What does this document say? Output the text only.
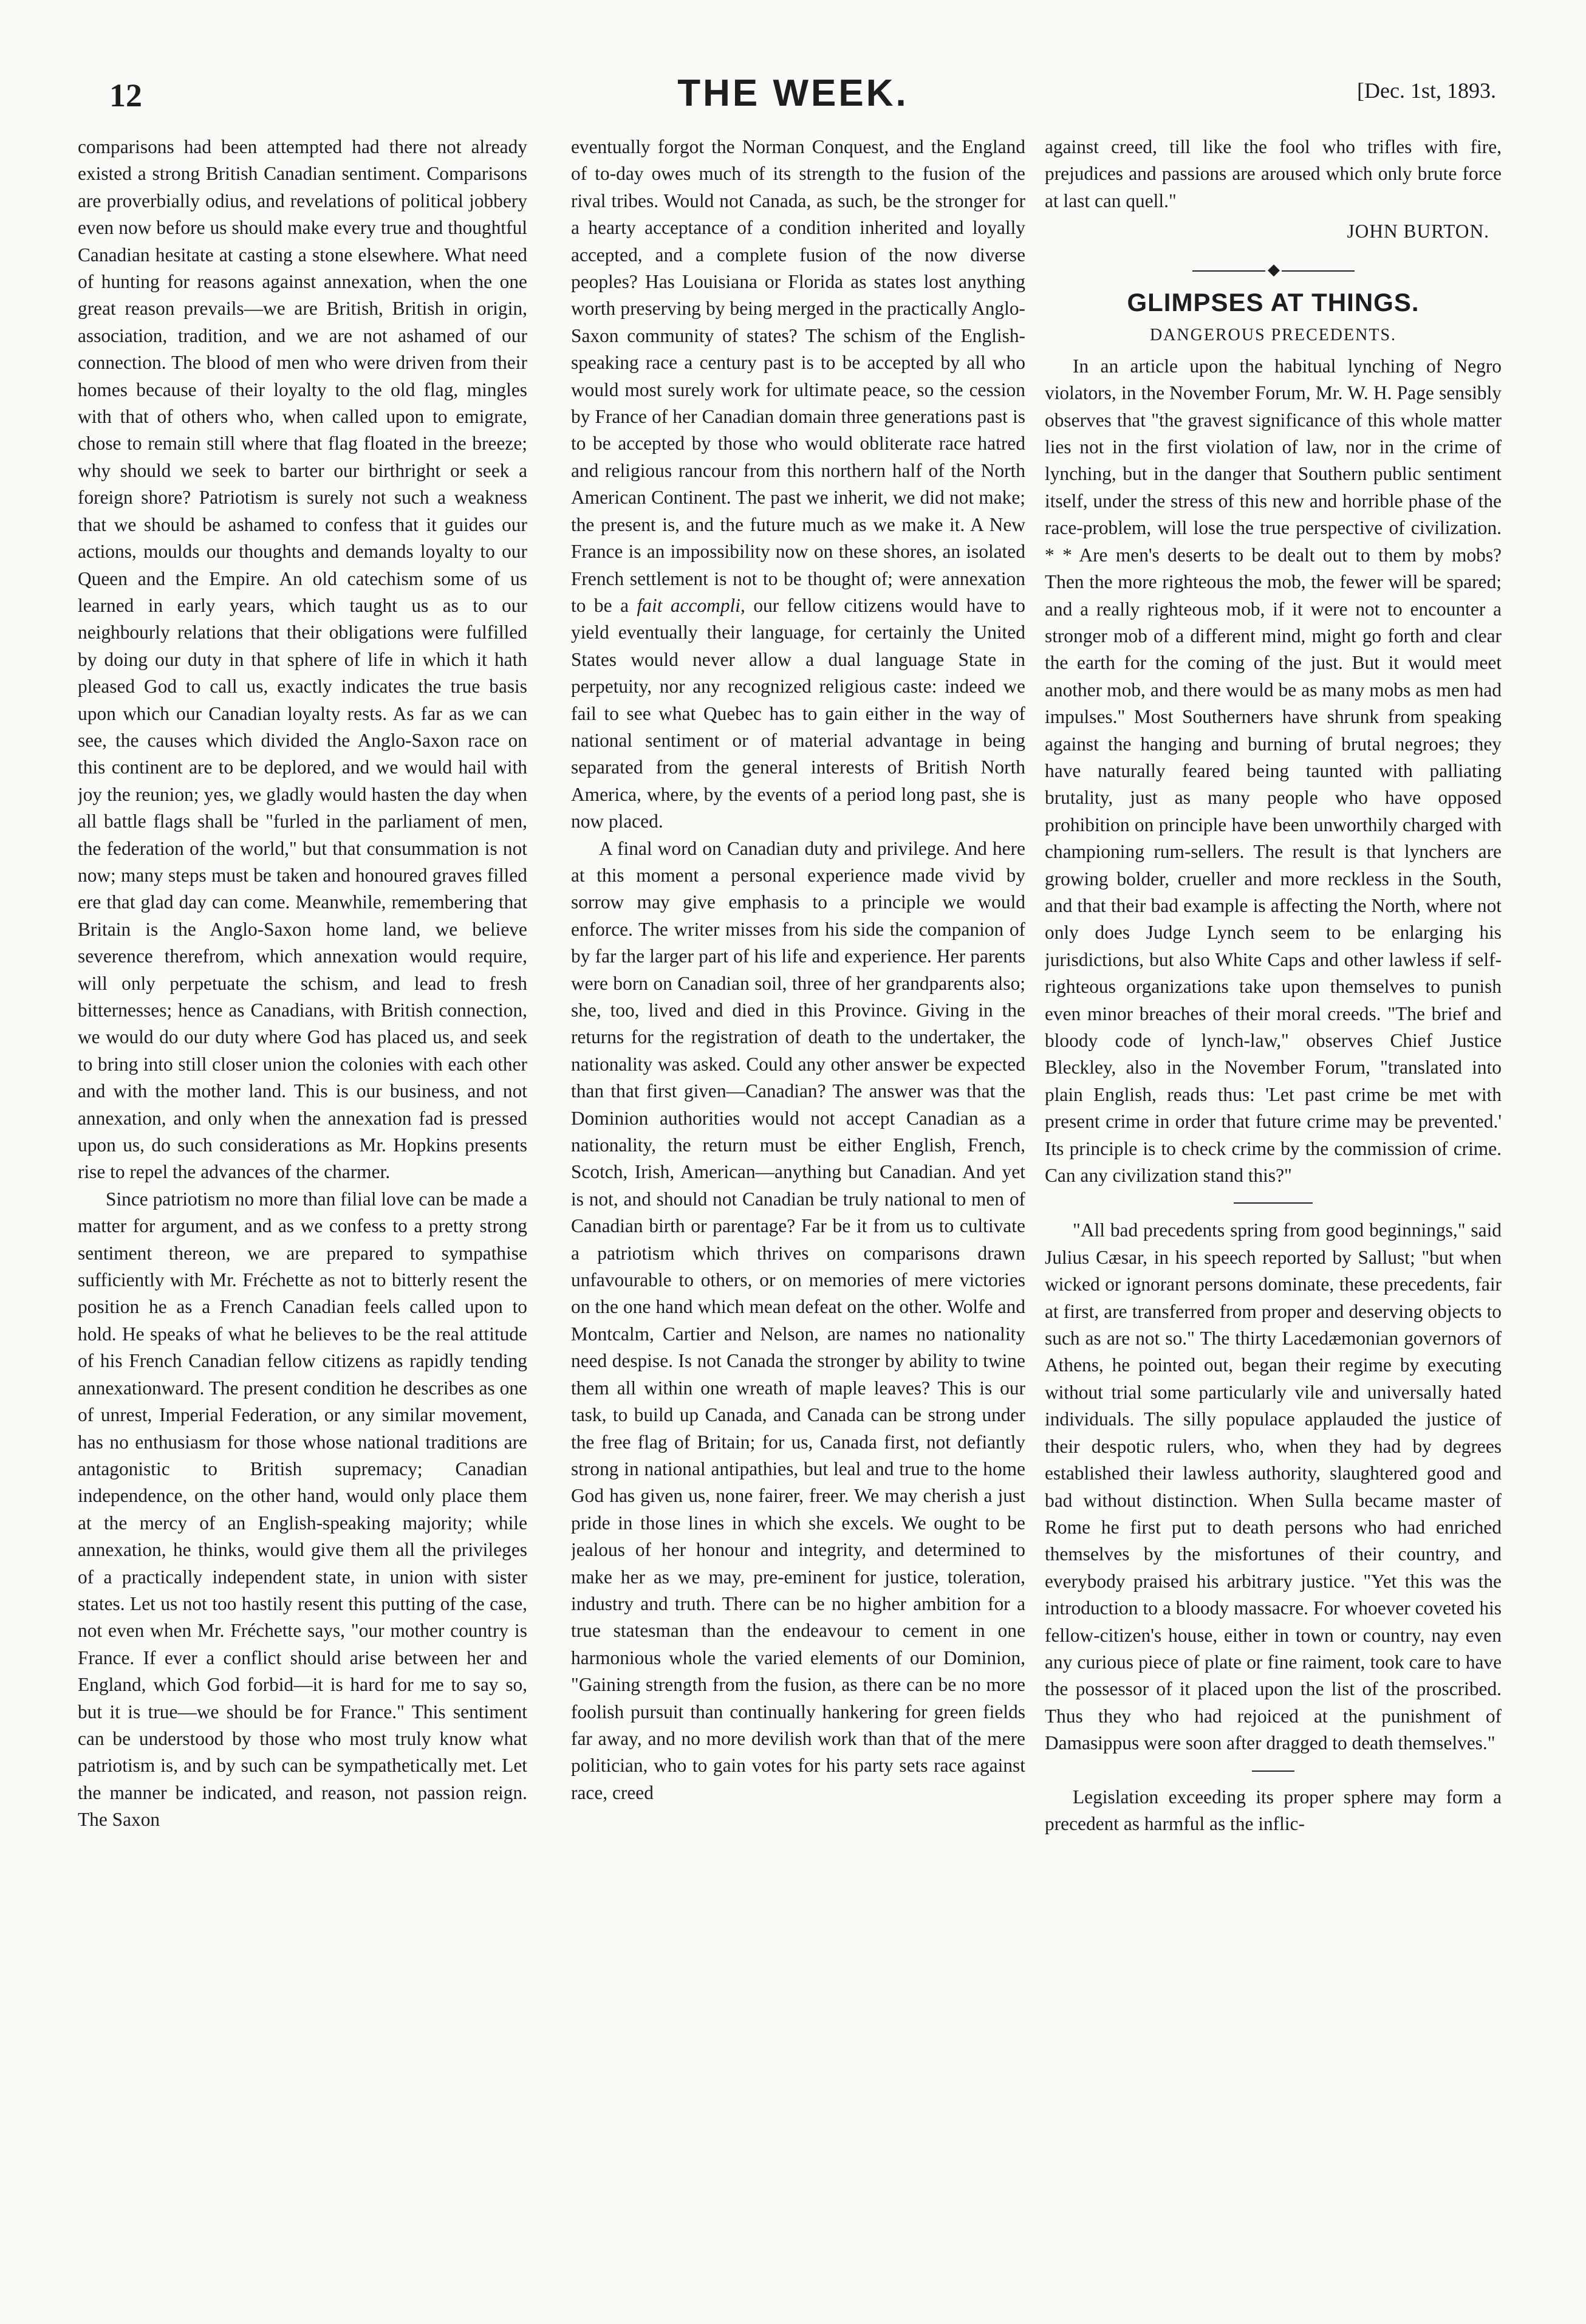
12	THE WEEK.	[Dec. 1st, 1893.

comparisons had been attempted had there not already existed a strong British Canadian sentiment. Comparisons are proverbially odius, and revelations of political jobbery even now before us should make every true and thoughtful Canadian hesitate at casting a stone elsewhere. What need of hunting for reasons against annexation, when the one great reason prevails—we are British, British in origin, association, tradition, and we are not ashamed of our connection. The blood of men who were driven from their homes because of their loyalty to the old flag, mingles with that of others who, when called upon to emigrate, chose to remain still where that flag floated in the breeze; why should we seek to barter our birthright or seek a foreign shore? Patriotism is surely not such a weakness that we should be ashamed to confess that it guides our actions, moulds our thoughts and demands loyalty to our Queen and the Empire. An old catechism some of us learned in early years, which taught us as to our neighbourly relations that their obligations were fulfilled by doing our duty in that sphere of life in which it hath pleased God to call us, exactly indicates the true basis upon which our Canadian loyalty rests. As far as we can see, the causes which divided the Anglo-Saxon race on this continent are to be deplored, and we would hail with joy the reunion; yes, we gladly would hasten the day when all battle flags shall be "furled in the parliament of men, the federation of the world," but that consummation is not now; many steps must be taken and honoured graves filled ere that glad day can come. Meanwhile, remembering that Britain is the Anglo-Saxon home land, we believe severence therefrom, which annexation would require, will only perpetuate the schism, and lead to fresh bitternesses; hence as Canadians, with British connection, we would do our duty where God has placed us, and seek to bring into still closer union the colonies with each other and with the mother land. This is our business, and not annexation, and only when the annexation fad is pressed upon us, do such considerations as Mr. Hopkins presents rise to repel the advances of the charmer.

Since patriotism no more than filial love can be made a matter for argument, and as we confess to a pretty strong sentiment thereon, we are prepared to sympathise sufficiently with Mr. Fréchette as not to bitterly resent the position he as a French Canadian feels called upon to hold. He speaks of what he believes to be the real attitude of his French Canadian fellow citizens as rapidly tending annexationward. The present condition he describes as one of unrest, Imperial Federation, or any similar movement, has no enthusiasm for those whose national traditions are antagonistic to British supremacy; Canadian independence, on the other hand, would only place them at the mercy of an English-speaking majority; while annexation, he thinks, would give them all the privileges of a practically independent state, in union with sister states. Let us not too hastily resent this putting of the case, not even when Mr. Fréchette says, "our mother country is France. If ever a conflict should arise between her and England, which God forbid—it is hard for me to say so, but it is true—we should be for France." This sentiment can be understood by those who most truly know what patriotism is, and by such can be sympathetically met. Let the manner be indicated, and reason, not passion reign. The Saxon

eventually forgot the Norman Conquest, and the England of to-day owes much of its strength to the fusion of the rival tribes. Would not Canada, as such, be the stronger for a hearty acceptance of a condition inherited and loyally accepted, and a complete fusion of the now diverse peoples? Has Louisiana or Florida as states lost anything worth preserving by being merged in the practically Anglo-Saxon community of states? The schism of the English-speaking race a century past is to be accepted by all who would most surely work for ultimate peace, so the cession by France of her Canadian domain three generations past is to be accepted by those who would obliterate race hatred and religious rancour from this northern half of the North American Continent. The past we inherit, we did not make; the present is, and the future much as we make it. A New France is an impossibility now on these shores, an isolated French settlement is not to be thought of; were annexation to be a fait accompli, our fellow citizens would have to yield eventually their language, for certainly the United States would never allow a dual language State in perpetuity, nor any recognized religious caste: indeed we fail to see what Quebec has to gain either in the way of national sentiment or of material advantage in being separated from the general interests of British North America, where, by the events of a period long past, she is now placed.

A final word on Canadian duty and privilege. And here at this moment a personal experience made vivid by sorrow may give emphasis to a principle we would enforce. The writer misses from his side the companion of by far the larger part of his life and experience. Her parents were born on Canadian soil, three of her grandparents also; she, too, lived and died in this Province. Giving in the returns for the registration of death to the undertaker, the nationality was asked. Could any other answer be expected than that first given—Canadian? The answer was that the Dominion authorities would not accept Canadian as a nationality, the return must be either English, French, Scotch, Irish, American—anything but Canadian. And yet is not, and should not Canadian be truly national to men of Canadian birth or parentage? Far be it from us to cultivate a patriotism which thrives on comparisons drawn unfavourable to others, or on memories of mere victories on the one hand which mean defeat on the other. Wolfe and Montcalm, Cartier and Nelson, are names no nationality need despise. Is not Canada the stronger by ability to twine them all within one wreath of maple leaves? This is our task, to build up Canada, and Canada can be strong under the free flag of Britain; for us, Canada first, not defiantly strong in national antipathies, but leal and true to the home God has given us, none fairer, freer. We may cherish a just pride in those lines in which she excels. We ought to be jealous of her honour and integrity, and determined to make her as we may, pre-eminent for justice, toleration, industry and truth. There can be no higher ambition for a true statesman than the endeavour to cement in one harmonious whole the varied elements of our Dominion, "Gaining strength from the fusion, as there can be no more foolish pursuit than continually hankering for green fields far away, and no more devilish work than that of the mere politician, who to gain votes for his party sets race against race, creed

against creed, till like the fool who trifles with fire, prejudices and passions are aroused which only brute force at last can quell."

JOHN BURTON.

◆
GLIMPSES AT THINGS.
DANGEROUS PRECEDENTS.

In an article upon the habitual lynching of Negro violators, in the November Forum, Mr. W. H. Page sensibly observes that "the gravest significance of this whole matter lies not in the first violation of law, nor in the crime of lynching, but in the danger that Southern public sentiment itself, under the stress of this new and horrible phase of the race-problem, will lose the true perspective of civilization. * * Are men's deserts to be dealt out to them by mobs? Then the more righteous the mob, the fewer will be spared; and a really righteous mob, if it were not to encounter a stronger mob of a different mind, might go forth and clear the earth for the coming of the just. But it would meet another mob, and there would be as many mobs as men had impulses." Most Southerners have shrunk from speaking against the hanging and burning of brutal negroes; they have naturally feared being taunted with palliating brutality, just as many people who have opposed prohibition on principle have been unworthily charged with championing rum-sellers. The result is that lynchers are growing bolder, crueller and more reckless in the South, and that their bad example is affecting the North, where not only does Judge Lynch seem to be enlarging his jurisdictions, but also White Caps and other lawless if self-righteous organizations take upon themselves to punish even minor breaches of their moral creeds. "The brief and bloody code of lynch-law," observes Chief Justice Bleckley, also in the November Forum, "translated into plain English, reads thus: 'Let past crime be met with present crime in order that future crime may be prevented.' Its principle is to check crime by the commission of crime. Can any civilization stand this?"

"All bad precedents spring from good beginnings," said Julius Cæsar, in his speech reported by Sallust; "but when wicked or ignorant persons dominate, these precedents, fair at first, are transferred from proper and deserving objects to such as are not so." The thirty Lacedæmonian governors of Athens, he pointed out, began their regime by executing without trial some particularly vile and universally hated individuals. The silly populace applauded the justice of their despotic rulers, who, when they had by degrees established their lawless authority, slaughtered good and bad without distinction. When Sulla became master of Rome he first put to death persons who had enriched themselves by the misfortunes of their country, and everybody praised his arbitrary justice. "Yet this was the introduction to a bloody massacre. For whoever coveted his fellow-citizen's house, either in town or country, nay even any curious piece of plate or fine raiment, took care to have the possessor of it placed upon the list of the proscribed. Thus they who had rejoiced at the punishment of Damasippus were soon after dragged to death themselves."

Legislation exceeding its proper sphere may form a precedent as harmful as the inflic-
